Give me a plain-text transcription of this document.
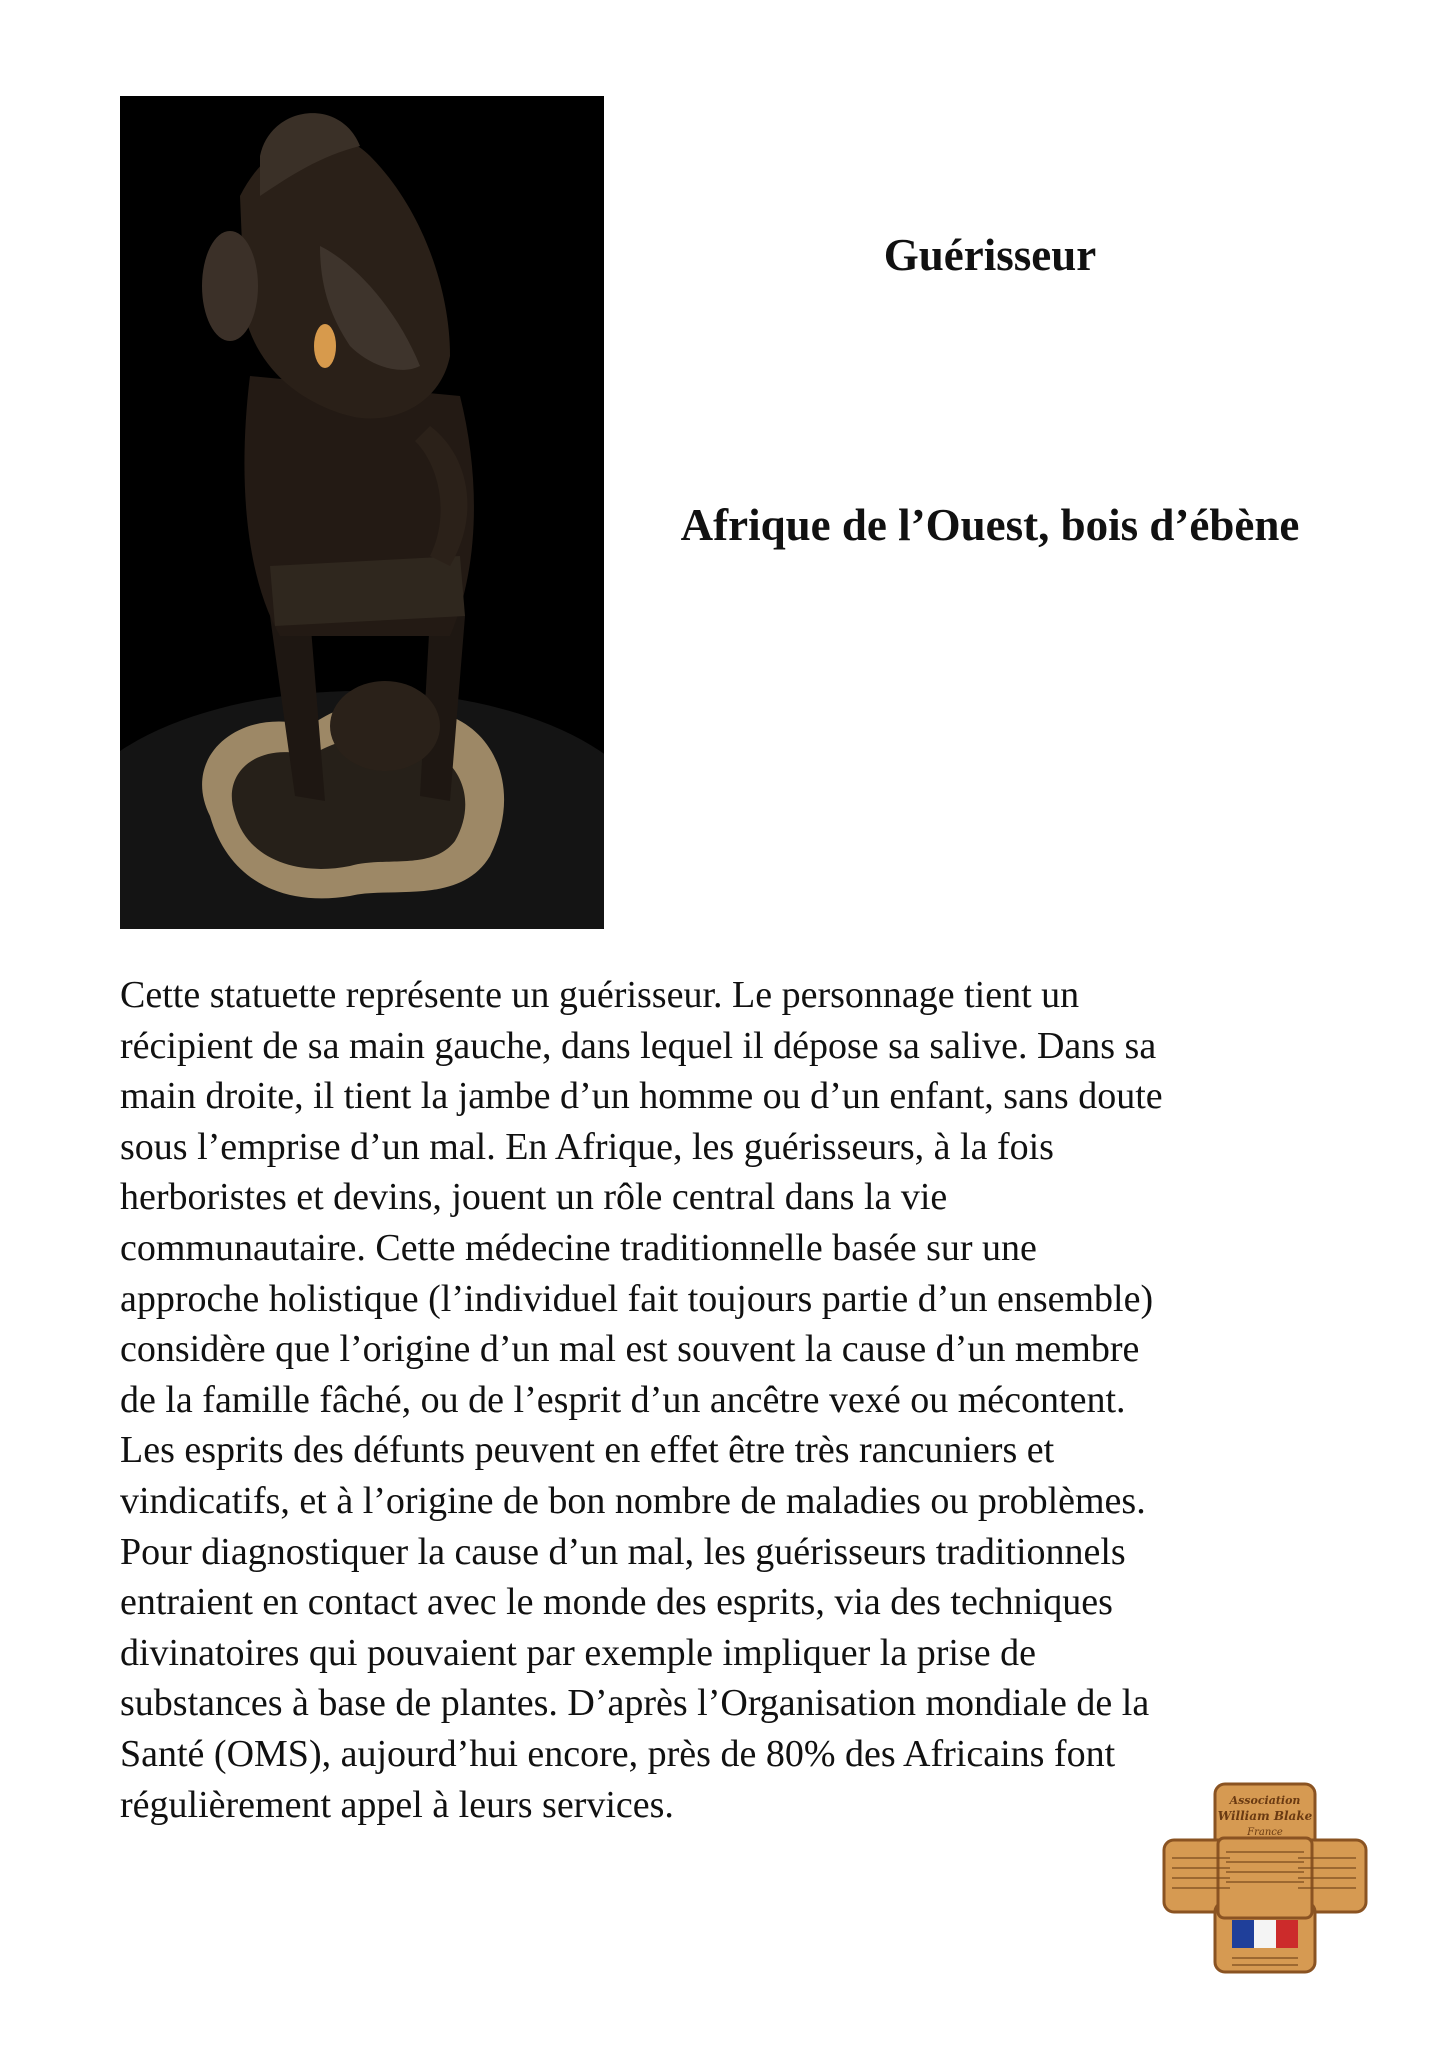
Guérisseur
Afrique de l’Ouest, bois d’ébène

Cette statuette représente un guérisseur. Le personnage tient un
récipient de sa main gauche, dans lequel il dépose sa salive. Dans sa
main droite, il tient la jambe d’un homme ou d’un enfant, sans doute
sous l’emprise d’un mal. En Afrique, les guérisseurs, à la fois
herboristes et devins, jouent un rôle central dans la vie
communautaire. Cette médecine traditionnelle basée sur une
approche holistique (l’individuel fait toujours partie d’un ensemble)
considère que l’origine d’un mal est souvent la cause d’un membre
de la famille fâché, ou de l’esprit d’un ancêtre vexé ou mécontent.
Les esprits des défunts peuvent en effet être très rancuniers et
vindicatifs, et à l’origine de bon nombre de maladies ou problèmes.
Pour diagnostiquer la cause d’un mal, les guérisseurs traditionnels
entraient en contact avec le monde des esprits, via des techniques
divinatoires qui pouvaient par exemple impliquer la prise de
substances à base de plantes. D’après l’Organisation mondiale de la
Santé (OMS), aujourd’hui encore, près de 80% des Africains font
régulièrement appel à leurs services.	Association
William Blake
France
